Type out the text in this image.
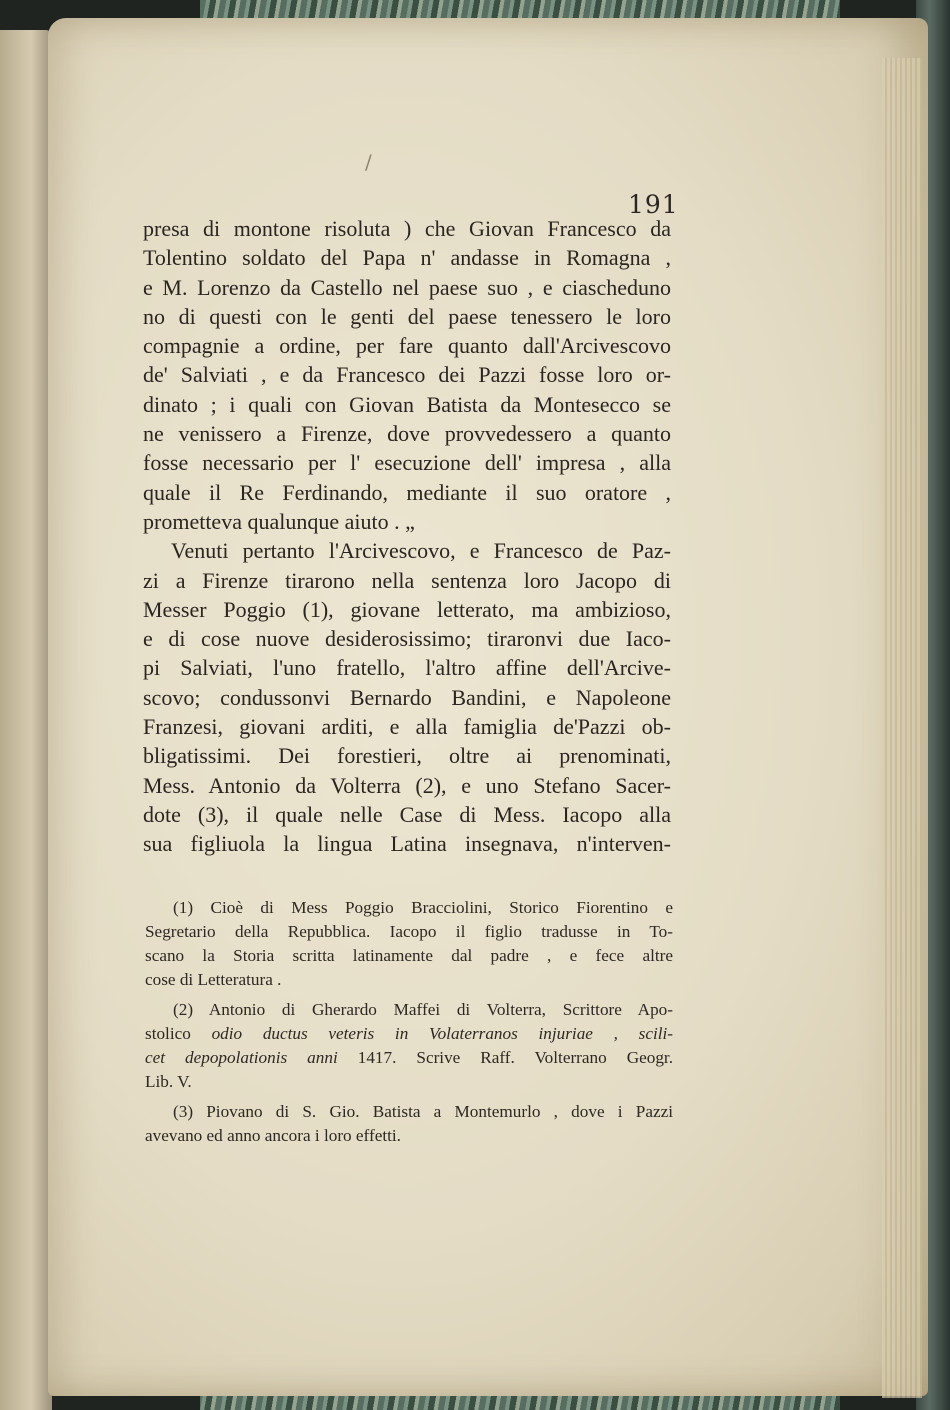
/
191
presa di montone risoluta ) che Giovan Francesco da
Tolentino soldato del Papa n' andasse in Romagna ,
e M. Lorenzo da Castello nel paese suo , e ciascheduno
no di questi con le genti del paese tenessero le loro
compagnie a ordine, per fare quanto dall'Arcivescovo
de' Salviati , e da Francesco dei Pazzi fosse loro or-
dinato ; i quali con Giovan Batista da Montesecco se
ne venissero a Firenze, dove provvedessero a quanto
fosse necessario per l' esecuzione dell' impresa , alla
quale il Re Ferdinando, mediante il suo oratore ,
prometteva qualunque aiuto . „
Venuti pertanto l'Arcivescovo, e Francesco de Paz-
zi a Firenze tirarono nella sentenza loro Jacopo di
Messer Poggio (1), giovane letterato, ma ambizioso,
e di cose nuove desiderosissimo; tiraronvi due Iaco-
pi Salviati, l'uno fratello, l'altro affine dell'Arcive-
scovo; condussonvi Bernardo Bandini, e Napoleone
Franzesi, giovani arditi, e alla famiglia de'Pazzi ob-
bligatissimi. Dei forestieri, oltre ai prenominati,
Mess. Antonio da Volterra (2), e uno Stefano Sacer-
dote (3), il quale nelle Case di Mess. Iacopo alla
sua figliuola la lingua Latina insegnava, n'interven-
(1) Cioè di Mess Poggio Bracciolini, Storico Fiorentino e
Segretario della Repubblica. Iacopo il figlio tradusse in To-
scano la Storia scritta latinamente dal padre , e fece altre
cose di Letteratura .
(2) Antonio di Gherardo Maffei di Volterra, Scrittore Apo-
stolico odio ductus veteris in Volaterranos injuriae , scili-
cet depopolationis anni 1417. Scrive Raff. Volterrano Geogr.
Lib. V.
(3) Piovano di S. Gio. Batista a Montemurlo , dove i Pazzi
avevano ed anno ancora i loro effetti.
